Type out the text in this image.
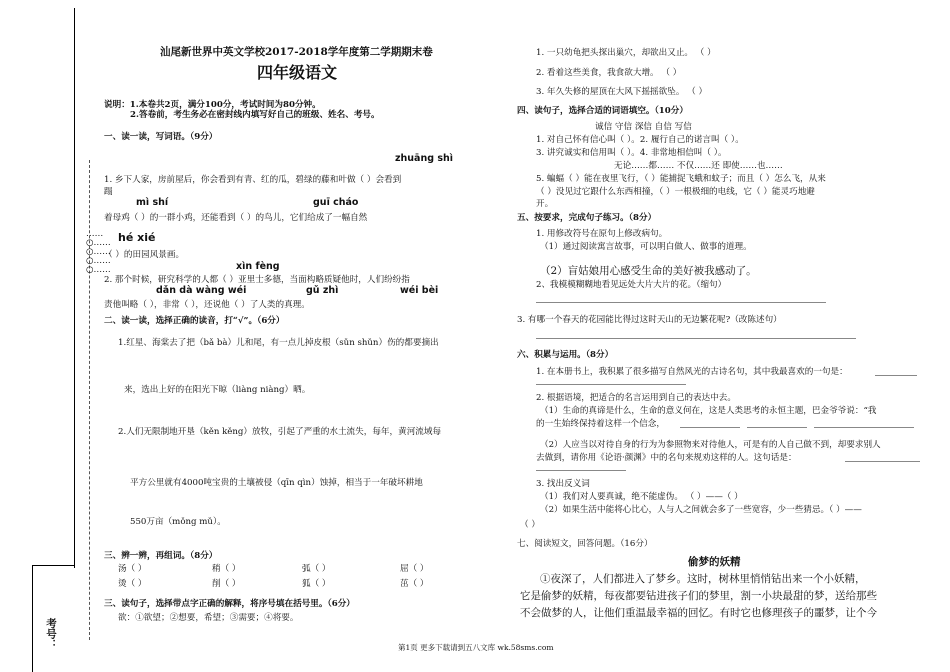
……○……○……○……○……
考号：
汕尾新世界中英文学校2017-2018学年度第二学期期末卷
四年级语文
说明：1.本卷共2页，满分100分，考试时间为80分钟。
2.答卷前，考生务必在密封线内填写好自己的班级、姓名、考号。
一、读一读，写词语。（9分）
zhuāng shì
1. 乡下人家，房前屋后，你会看到有青、红的瓜，碧绿的藤和叶做（ ）会看到
蹋
mì shí	guī cháo
着母鸡（ ）的一群小鸡，还能看到（ ）的鸟儿，它们给成了一幅自然
hé xié
（ ）的田园风景画。
xìn fèng
2. 那个时候，研究科学的人都（ ）亚里士多德，当面构略质疑他时，人们纷纷指
dǎn dà wàng wéi	gǔ zhì	wéi bèi
责他叫略（ ），非常（ ），还说他（ ）了人类的真理。
二、读一读，选择正确的读音，打“√”。（6分）
1.红星、海棠去了把（bǎ bà）儿和尾，有一点儿掉皮根（sǔn shǔn）伤的都要摘出
来，选出上好的在阳光下晾（liàng niàng）晒。
2.人们无限制地开垦（kěn kěng）放牧，引起了严重的水土流失，每年，黄河流域每
平方公里就有4000吨宝贵的土壤被侵（qīn qìn）蚀掉，相当于一年破坏耕地
550万亩（mǒng mǔ）。
三、辨一辨，再组词。（8分）
汤（ ）	稍（ ）	弧（ ）	屈（ ）
烫（ ）	削（ ）	狐（ ）	茁（ ）
三、读句子，选择带点字正确的解释，将序号填在括号里。（6分）
欲：①欲望；②想要，希望；③需要；④将要。
1. 一只幼龟把头探出巢穴，却欲出又止。 （ ）
2. 看着这些美食，我食欲大增。 （ ）
3. 年久失修的屋顶在大风下摇摇欲坠。 （ ）
四、读句子，选择合适的词语填空。（10分）
诚信 守信 深信 自信 写信
1. 对自己怀有信心叫（ ）。2. 履行自己的诺言叫（ ）。
3. 讲究诚实和信用叫（ ）。4. 非常地相信叫（ ）。
无论……都…… 不仅……还 即使……也……
5. 蝙蝠（ ）能在夜里飞行，（ ）能捕捉飞蛾和蚊子；而且（ ）怎么飞，从来
（ ）没见过它跟什么东西相撞，（ ）一根极细的电线，它（ ）能灵巧地避
开。
五、按要求，完成句子练习。（8分）
1. 用修改符号在原句上修改病句。
（1）通过阅读寓言故事，可以明白做人、做事的道理。
（2）盲姑娘用心感受生命的美好被我感动了。
2、我模模糊糊地看见远处大片大片的花。（缩句）
3. 有哪一个春天的花园能比得过这时天山的无边繁花呢?（改陈述句）
六、积累与运用。（8分）
1. 在本册书上，我积累了很多描写自然风光的古诗名句，其中我最喜欢的一句是：
2. 根据语境，把适合的名言运用到自己的表达中去。
（1）生命的真谛是什么，生命的意义何在，这是人类思考的永恒主题，巴金爷爷说：“我
的一生始终保持着这样一个信念，
（2）人应当以对待自身的行为为参照物来对待他人，可是有的人自己做不到，却要求别人
去做到，请你用《论语·颜渊》中的名句来规劝这样的人。这句话是：
3. 找出反义词
（1）我们对人要真诚，绝不能虚伪。 （ ）——（ ）
（2）如果生活中能将心比心，人与人之间就会多了一些宽容，少一些猜忌。（ ）——
（ ）
七、阅读短文，回答问题。（16分）
偷梦的妖精
①夜深了，人们都进入了梦乡。这时，树林里悄悄钻出来一个小妖精，
它是偷梦的妖精，每夜都要钻进孩子们的梦里，割一小块最甜的梦，送给那些
不会做梦的人，让他们重温最幸福的回忆。有时它也修理孩子的噩梦，让个今
第1页 更多下载请到五八文库 wk.58sms.com
